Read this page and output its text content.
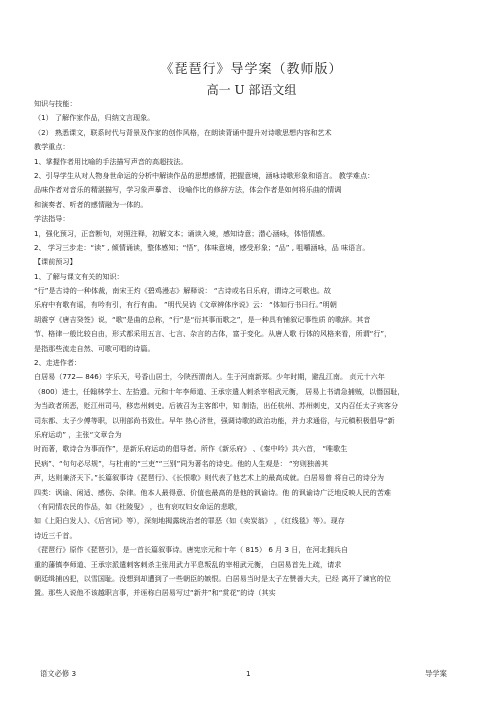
《琵琶行》导学案（教师版）
高一 U 部语文组
知识与技能：
（1） 了解作家作品，归纳文言现象。
（2） 熟悉课文，联系时代与背景及作家的创作风格，在朗读背诵中提升对诗歌思想内容和艺术
教学重点：
1、掌握作者用比喻的手法描写声音的高超技法。
2、引导学生从对人物身世命运的分析中解读作品的思想感情，把握意境，涵咏诗歌形象和语言。 教学难点：
品味作者对音乐的精湛描写，学习象声摹音、 设喻作比的修辞方法，体会作者是如何将乐曲的情调
和演奏者、听者的感情融为一体的。
学法指导：
1，强化预习，正音断句，对照注释，初解文本；诵读入境，感知诗意；潜心涵咏，体悟情感。
2、 学习三步走：“读” , 倾情诵读，整体感知；“悟”，体味意境，感受形象；“品” , 咀嚼涵咏，品 味语言。
【课前预习】
1、了解与课文有关的知识：
“行”是古诗的一种体裁，南宋王灼《碧鸡漫志》解释说： “古诗或名曰乐府，谓诗之可歌也。故
乐府中有歌有谣，有吟有引，有行有曲。 ”明代吴讷《文章辨体序说》云： “体如行书曰行。”明朝
胡震亨《唐吉癸签》说，“歌”是曲的总称，“行”是“衍其事而歌之”，是一种具有铺叙记事性质 的歌辞。其音
节、格律一般比较自由，形式都采用五言、七言、杂言的古体，富于变化。从唐人歌 行体的风格来看，所谓“行”，
是指那些流走自然、可歌可唱的诗篇。
2、走进作者：
白居易（772— 846）字乐天，号香山居士，今陕西渭南人。生于河南新郑。少年时期，避乱江南。 贞元十六年
（800）进士，任翰林学士、左拾遗。元和十年李师道、王承宗遣人刺杀宰相武元衡， 居易上书请急捕贼，以僭国耻，
为当政者所恶，贬江州司马，移忠州刺史。后被召为主客郎中，知 制诰，出任杭州、苏州刺史，又内召任太子宾客分
司东都、太子少傅等职，以刑部尚书致仕。早年 热心济世，强调诗歌的政治功能，并力求通俗，与元稹积极倡导“新
乐府运动” ，主张“文章合为
时而著，歌诗合为事而作”，是新乐府运动的倡导者。所作《新乐府》 、《秦中吟》共六首， “唯歌生
民病”、“句句必尽规”，与杜甫的“三吏”“三别”同为著名的诗史。他的人生观是： “穷则独善其
声，达则兼济天下。”长篇叙事诗《琵琶行》、《长恨歌》则代表了他艺术上的最高成就。白居易曾 将自己的诗分为
四类：讽谕、闲适、感伤、杂律。他本人最得意、价值也最高的是他的讽谕诗。他 的讽谕诗广泛地反映人民的苦难
（有同情农民的作品，如《杜陵叟》 ，也有哀叹妇女命运的悲歌，
如《上阳白发人》、《后宫词》等），深刻地揭露统治者的罪恶（如《卖炭翁》 ，《红线毯》等）。现存
诗近三千首。
《琵琶行》原作《琵琶引》，是一首长篇叙事诗。唐宪宗元和十年（ 815） 6 月 3 日，在河北拥兵自
重的藩镇李师道、王承宗派遣刺客刺杀主张用武力平息叛乱的宰相武元衡， 白居易首先上疏，请求
朝廷缉捕凶犯，以雪国耻。没想到却遭到了一些朝臣的嫉恨。白居易当时是太子左赞善大夫，已经 离开了谏官的位
置。那些人说他不该越职言事，并诬称白居易写过“新井”和“赏花”的诗（其实
语文必修 3	1	导学案
